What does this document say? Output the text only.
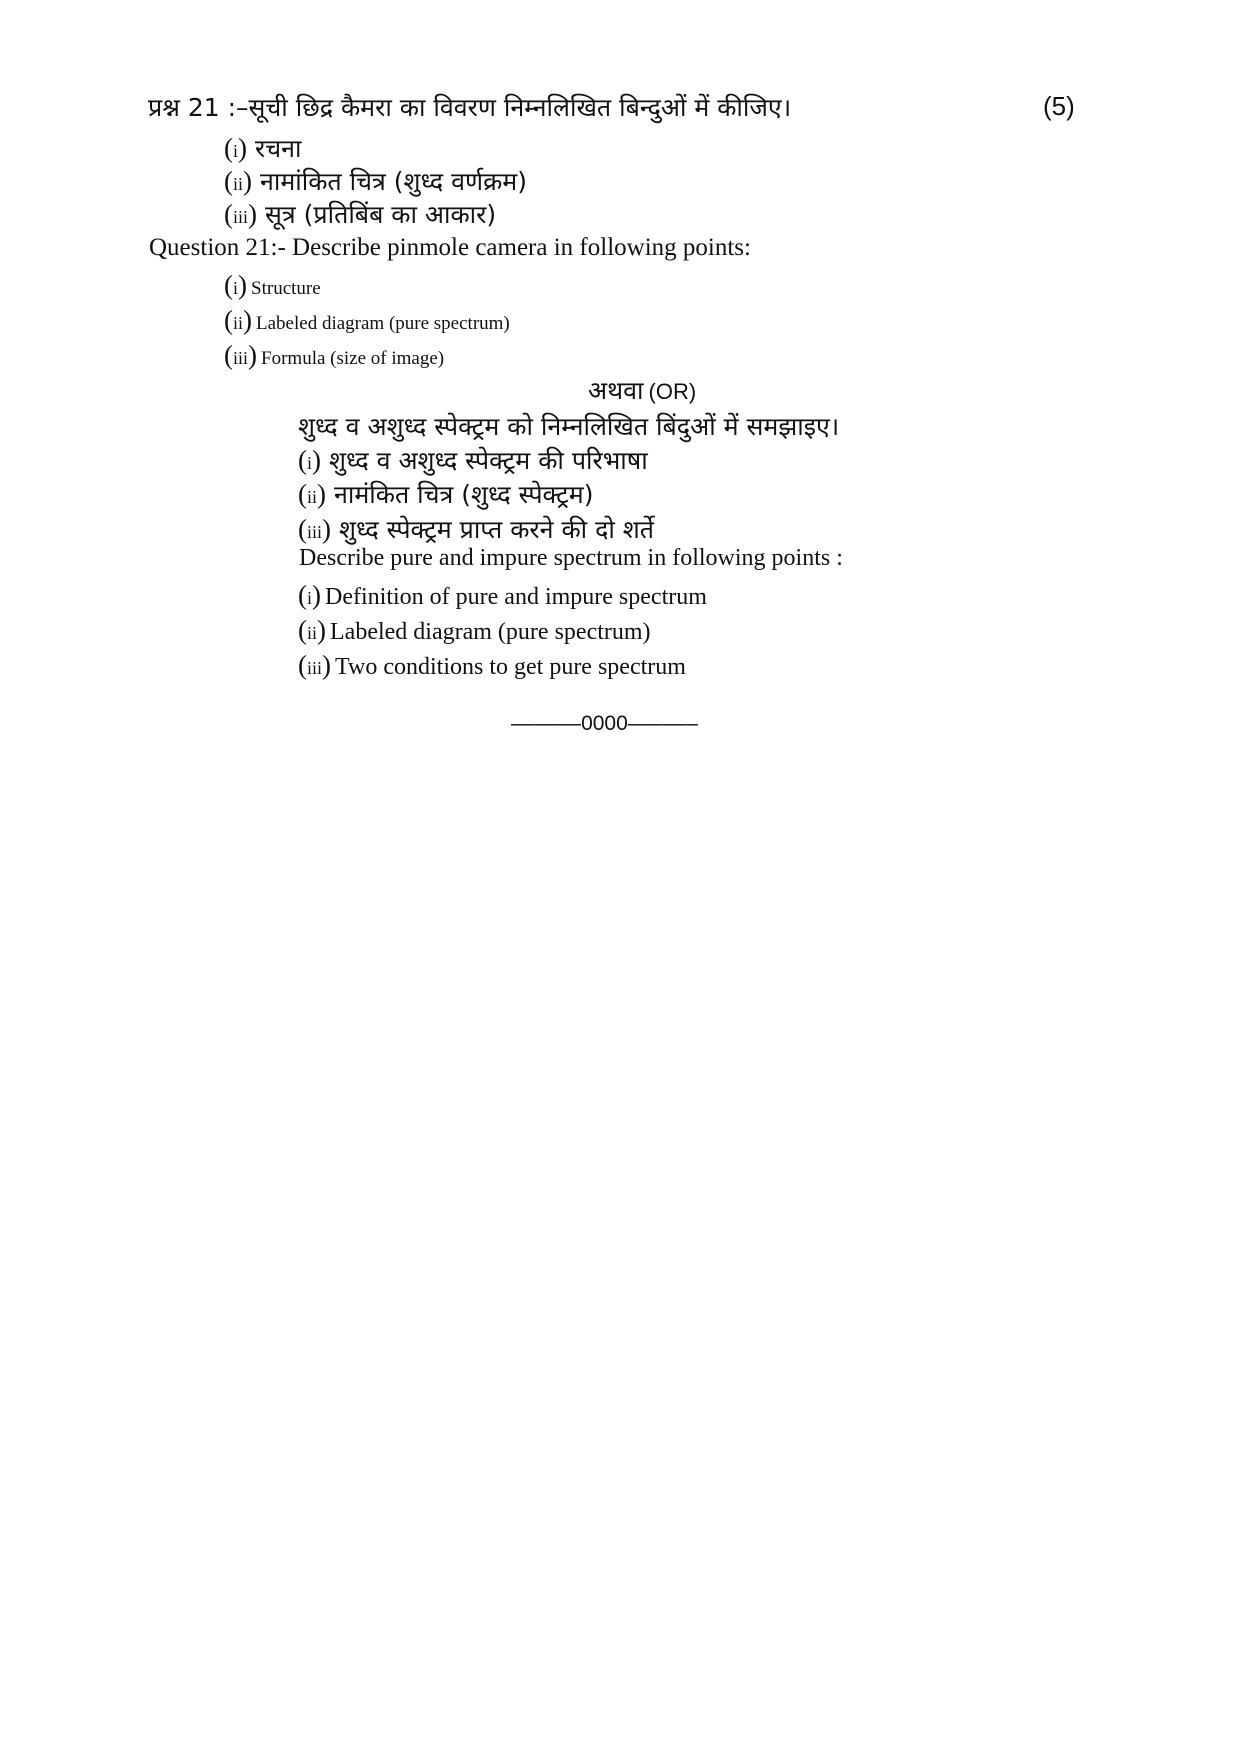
प्रश्न 21 :–सूची छिद्र कैमरा का विवरण निम्नलिखित बिन्दुओं में कीजिए।	(5)
(i) रचना
(ii) नामांकित चित्र (शुध्द वर्णक्रम)
(iii) सूत्र (प्रतिबिंब का आकार)
Question 21:- Describe pinmole camera in following points:
(i) Structure
(ii) Labeled diagram (pure spectrum)
(iii) Formula (size of image)
अथवा (OR)
शुध्द व अशुध्द स्पेक्ट्रम को निम्नलिखित बिंदुओं में समझाइए।
(i) शुध्द व अशुध्द स्पेक्ट्रम की परिभाषा
(ii) नामंकित चित्र (शुध्द स्पेक्ट्रम)
(iii) शुध्द स्पेक्ट्रम प्राप्त करने की दो शर्ते
Describe pure and impure spectrum in following points :
(i) Definition of pure and impure spectrum
(ii) Labeled diagram (pure spectrum)
(iii) Two conditions to get pure spectrum
––––––0000––––––
